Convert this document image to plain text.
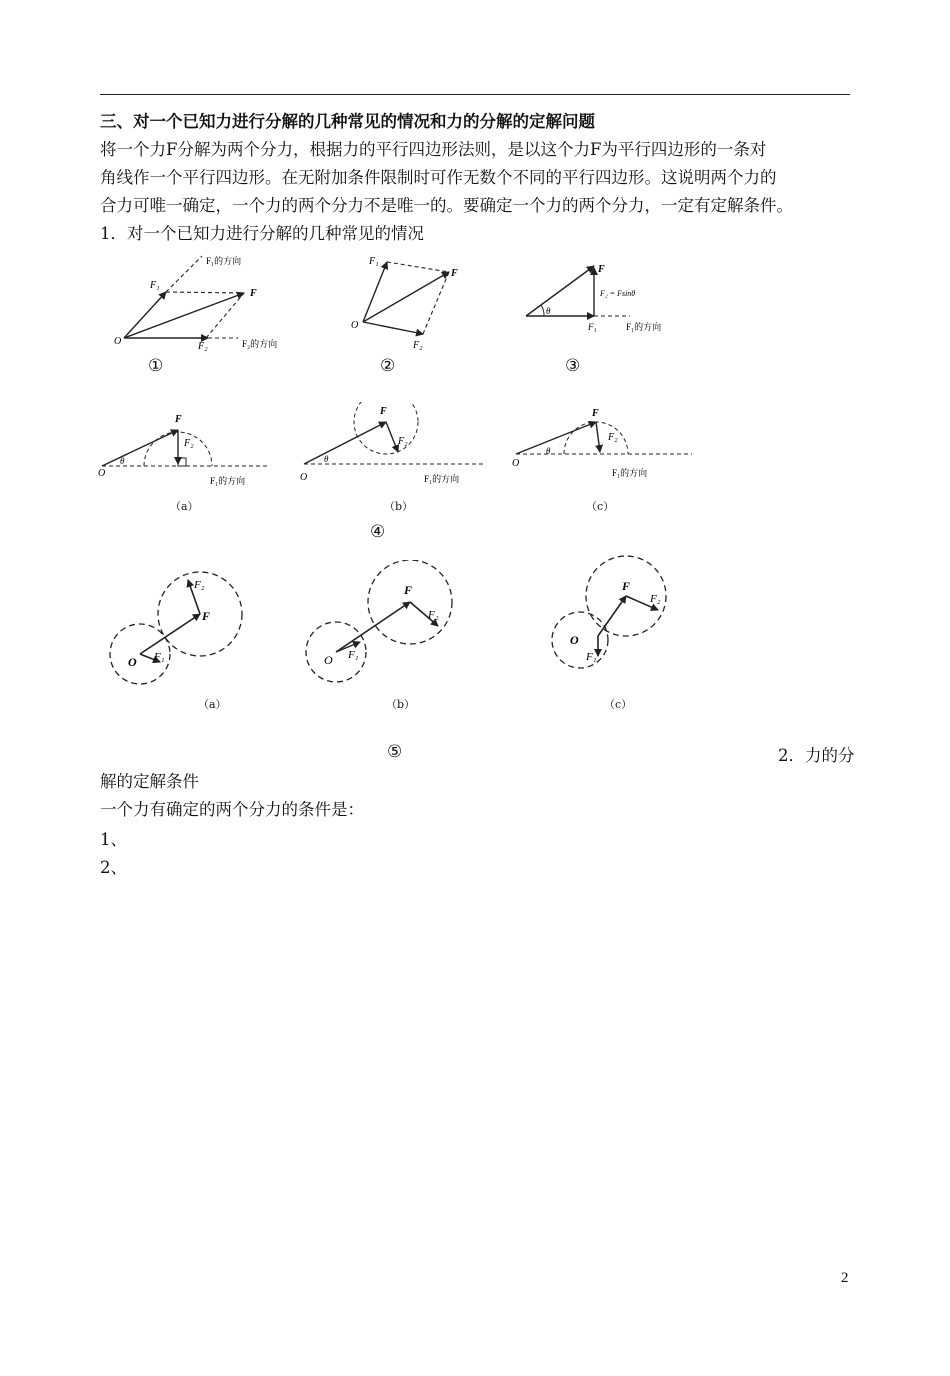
三、对一个已知力进行分解的几种常见的情况和力的分解的定解问题
将一个力F分解为两个分力，根据力的平行四边形法则，是以这个力F为平行四边形的一条对
角线作一个平行四边形。在无附加条件限制时可作无数个不同的平行四边形。这说明两个力的
合力可唯一确定，一个力的两个分力不是唯一的。要确定一个力的两个分力，一定有定解条件。
1．对一个已知力进行分解的几种常见的情况
O
F₁
F
F₂
F₁的方向
F₂的方向
①
O
F₁
F
F₂
②
θ
F
F₂ = Fsinθ
F₁	F₁的方向
③
O
θ
F
F₂
F₁的方向
（a）
O
θ
F
F₂
F₁的方向
（b）
O
θ
F
F₂
F₁的方向
（c）
④
O
F
F₁
F₂
（a）
O
F
F₂
F₁
（b）
O
F
F₂
F₁
（c）
⑤	2．力的分
解的定解条件
一个力有确定的两个分力的条件是：
1、
2、
2
